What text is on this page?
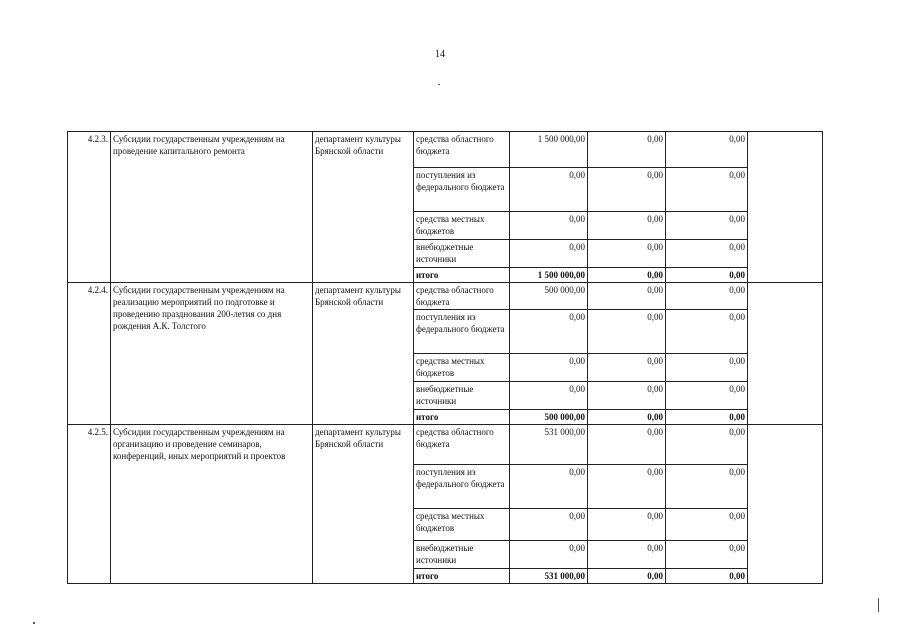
14
4.2.3.	Субсидии государственным учреждениям на проведение капитального ремонта	департамент культуры Брянской области	средства областного бюджета	1 500 000,00	0,00	0,00	
			поступления из федерального бюджета	0,00	0,00	0,00	
			средства местных бюджетов	0,00	0,00	0,00	
			внебюджетные источники	0,00	0,00	0,00	
			итого	1 500 000,00	0,00	0,00	
4.2.4.	Субсидии государственным учреждениям на реализацию мероприятий по подготовке и проведению празднования 200-летия со дня рождения А.К. Толстого	департамент культуры Брянской области	средства областного бюджета	500 000,00	0,00	0,00	
			поступления из федерального бюджета	0,00	0,00	0,00	
			средства местных бюджетов	0,00	0,00	0,00	
			внебюджетные источники	0,00	0,00	0,00	
			итого	500 000,00	0,00	0,00	
4.2.5.	Субсидии государственным учреждениям на организацию и проведение семинаров, конференций, иных мероприятий и проектов	департамент культуры Брянской области	средства областного бюджета	531 000,00	0,00	0,00	
			поступления из федерального бюджета	0,00	0,00	0,00	
			средства местных бюджетов	0,00	0,00	0,00	
			внебюджетные источники	0,00	0,00	0,00	
			итого	531 000,00	0,00	0,00	
